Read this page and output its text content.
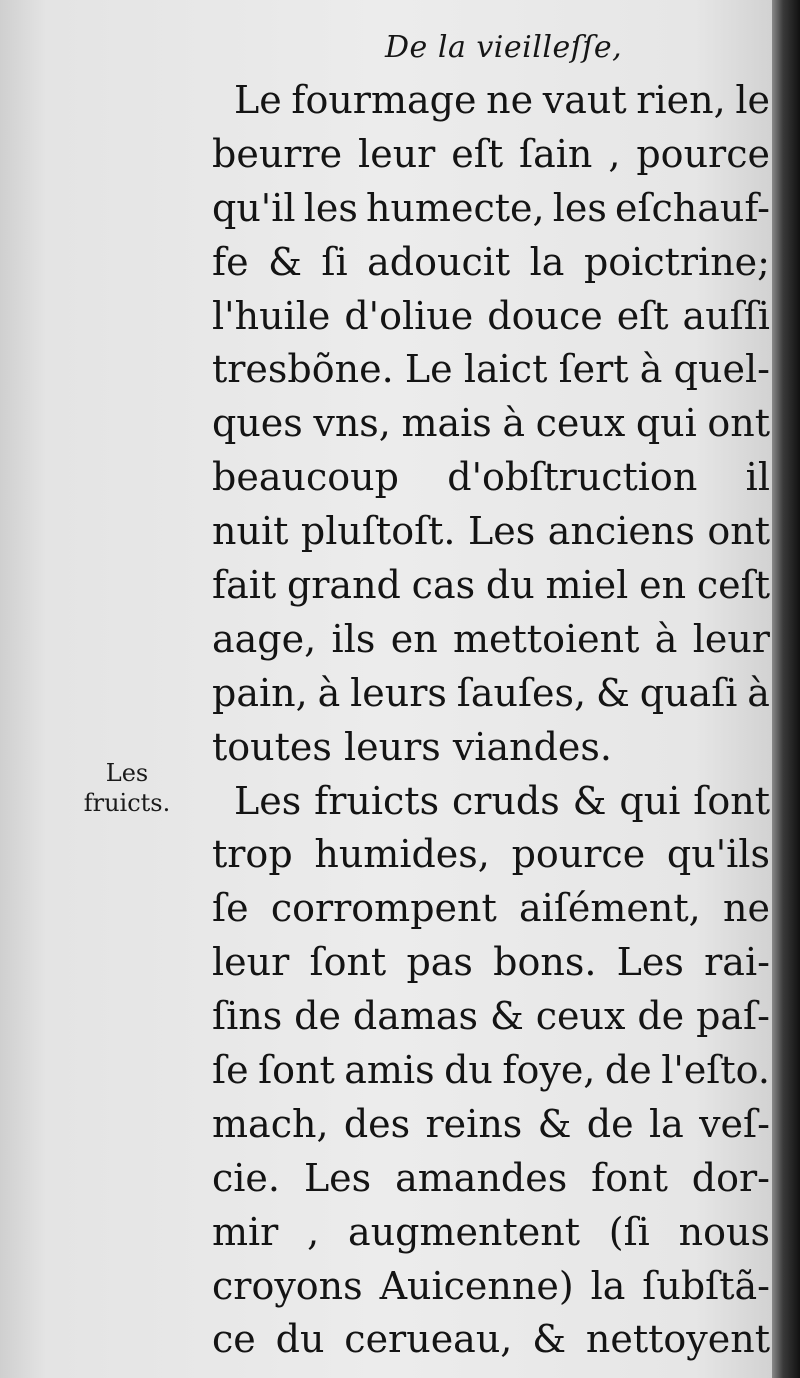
De la vieilleſſe,
Les
fruicts.
Le fourmage ne vaut rien, le
beurre leur eſt ſain , pource
qu'il les humecte, les eſchauf-
fe & ſi adoucit la poictrine;
l'huile d'oliue douce eſt auſſi
tresbõne. Le laict ſert à quel-
ques vns, mais à ceux qui ont
beaucoup d'obſtruction il
nuit pluſtoſt. Les anciens ont
fait grand cas du miel en ceſt
aage, ils en mettoient à leur
pain, à leurs ſauſes, & quaſi à
toutes leurs viandes.
Les fruicts cruds & qui ſont
trop humides, pource qu'ils
ſe corrompent aiſément, ne
leur ſont pas bons. Les rai-
ſins de damas & ceux de paſ-
ſe ſont amis du foye, de l'eſto.
mach, des reins & de la veſ-
cie. Les amandes font dor-
mir , augmentent (ſi nous
croyons Auicenne) la ſubſtã-
ce du cerueau, & nettoyent
